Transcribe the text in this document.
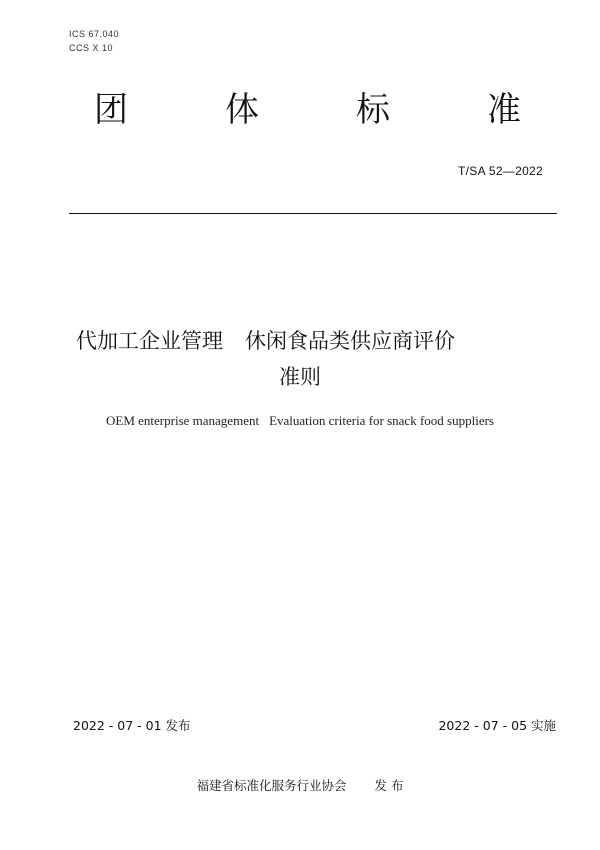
ICS 67.040
CCS X 10
团	体	标	准
T/SA 52—2022
代加工企业管理 休闲食品类供应商评价
准则
OEM enterprise management Evaluation criteria for snack food suppliers
2022 - 07 - 01 发布	2022 - 07 - 05 实施
福建省标准化服务行业协会 发 布
